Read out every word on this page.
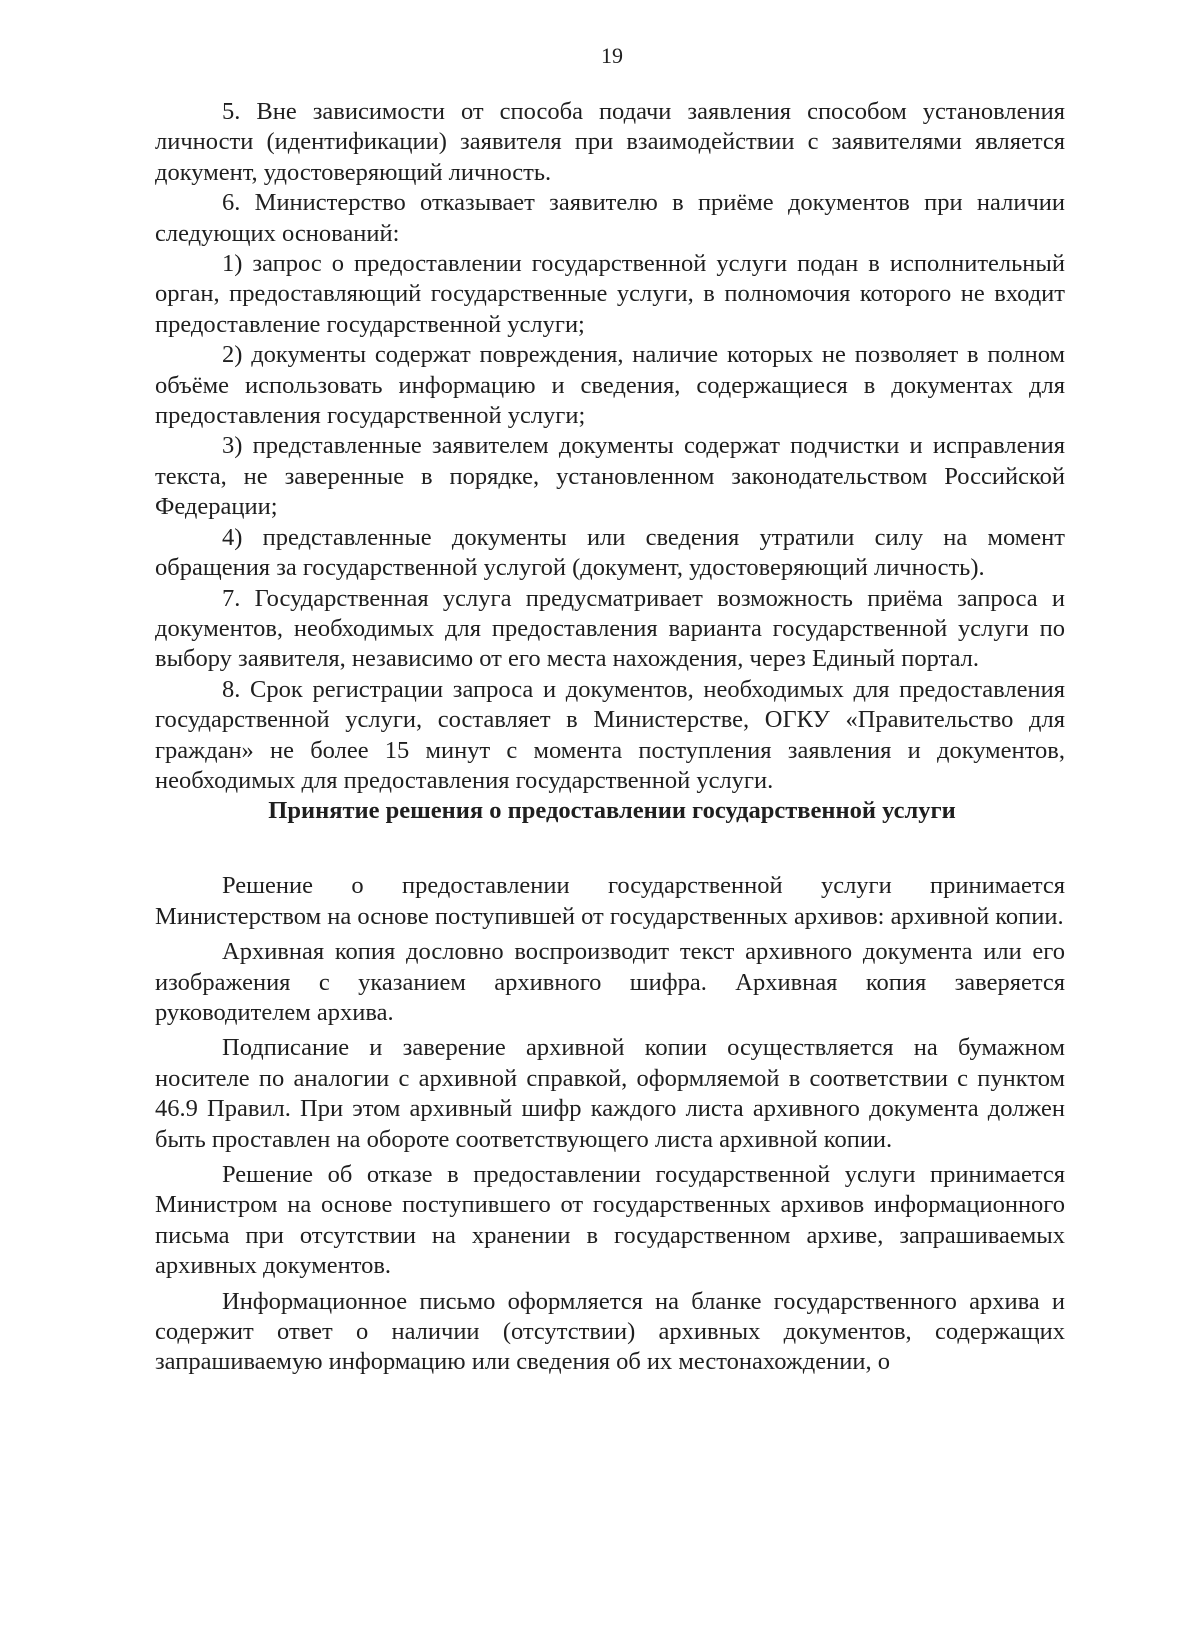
19

5. Вне зависимости от способа подачи заявления способом установления личности (идентификации) заявителя при взаимодействии с заявителями является документ, удостоверяющий личность.

6. Министерство отказывает заявителю в приёме документов при наличии следующих оснований:

1) запрос о предоставлении государственной услуги подан в исполнительный орган, предоставляющий государственные услуги, в полномочия которого не входит предоставление государственной услуги;

2) документы содержат повреждения, наличие которых не позволяет в полном объёме использовать информацию и сведения, содержащиеся в документах для предоставления государственной услуги;

3) представленные заявителем документы содержат подчистки и исправления текста, не заверенные в порядке, установленном законодательством Российской Федерации;

4) представленные документы или сведения утратили силу на момент обращения за государственной услугой (документ, удостоверяющий личность).

7. Государственная услуга предусматривает возможность приёма запроса и документов, необходимых для предоставления варианта государственной услуги по выбору заявителя, независимо от его места нахождения, через Единый портал.

8. Срок регистрации запроса и документов, необходимых для предоставления государственной услуги, составляет в Министерстве, ОГКУ «Правительство для граждан» не более 15 минут с момента поступления заявления и документов, необходимых для предоставления государственной услуги.

Принятие решения о предоставлении государственной услуги

Решение о предоставлении государственной услуги принимается Министерством на основе поступившей от государственных архивов: архивной копии.

Архивная копия дословно воспроизводит текст архивного документа или его изображения с указанием архивного шифра. Архивная копия заверяется руководителем архива.

Подписание и заверение архивной копии осуществляется на бумажном носителе по аналогии с архивной справкой, оформляемой в соответствии с пунктом 46.9 Правил. При этом архивный шифр каждого листа архивного документа должен быть проставлен на обороте соответствующего листа архивной копии.

Решение об отказе в предоставлении государственной услуги принимается Министром на основе поступившего от государственных архивов информационного письма при отсутствии на хранении в государственном архиве, запрашиваемых архивных документов.

Информационное письмо оформляется на бланке государственного архива и содержит ответ о наличии (отсутствии) архивных документов, содержащих запрашиваемую информацию или сведения об их местонахождении, о
